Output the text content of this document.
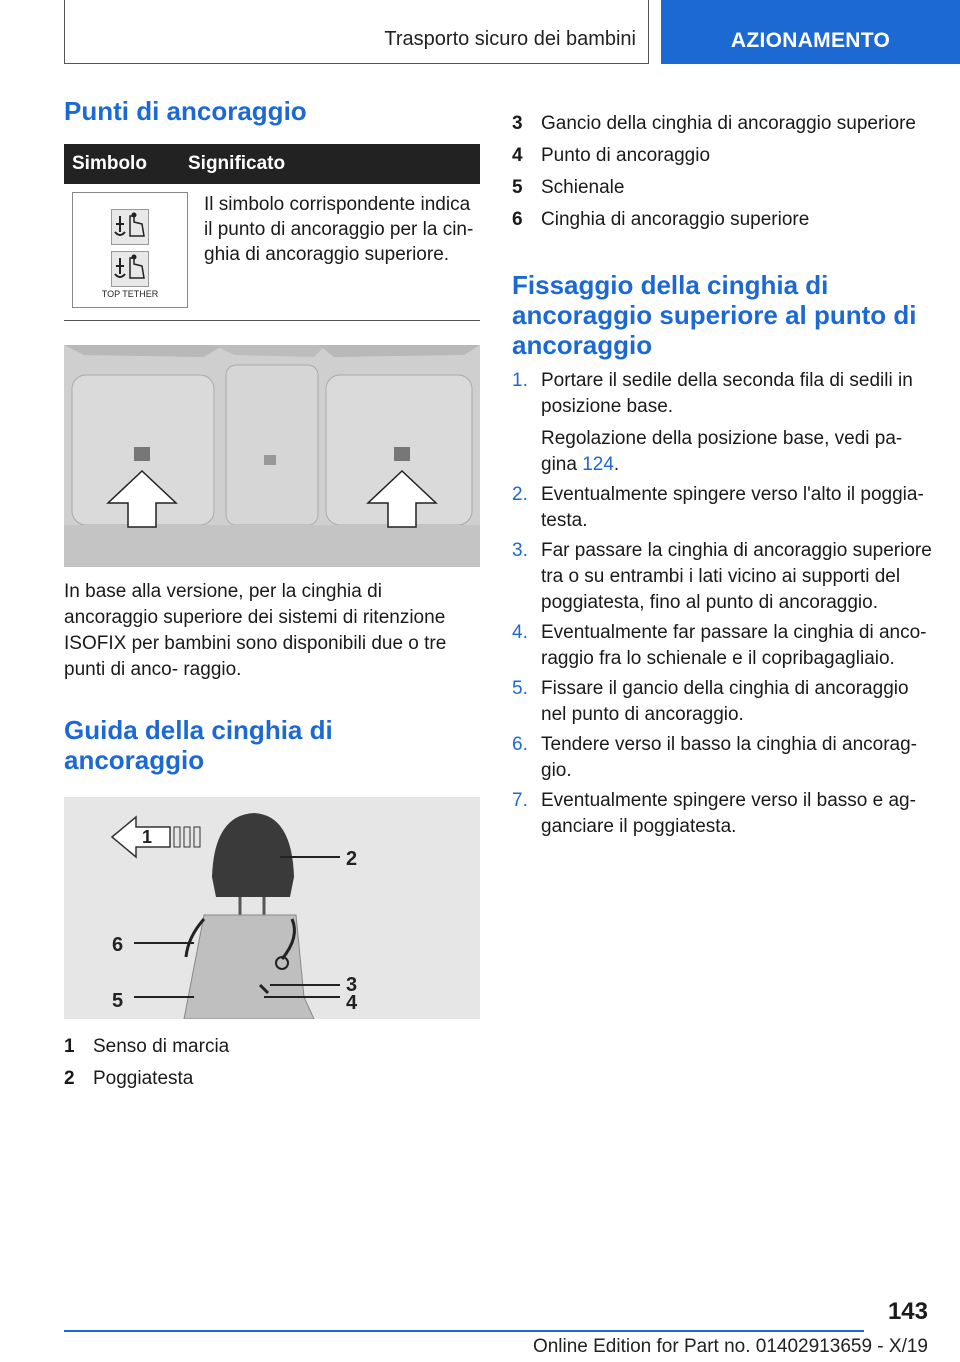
Trasporto sicuro dei bambini	AZIONAMENTO
Punti di ancoraggio
Simbolo	Significato
TOP TETHER
Il simbolo corrispondente indica il punto di ancoraggio per la cin- ghia di ancoraggio superiore.

In base alla versione, per la cinghia di ancoraggio superiore dei sistemi di ritenzione ISOFIX per bambini sono disponibili due o tre punti di anco- raggio.

Guida della cinghia di ancoraggio
1
2
3
4
5
6
1 Senso di marcia
2 Poggiatesta
3 Gancio della cinghia di ancoraggio superiore
4 Punto di ancoraggio
5 Schienale
6 Cinghia di ancoraggio superiore
Fissaggio della cinghia di ancoraggio superiore al punto di ancoraggio
1. Portare il sedile della seconda fila di sedili in posizione base.

Regolazione della posizione base, vedi pa- gina 124.

2. Eventualmente spingere verso l'alto il poggia- testa.

3. Far passare la cinghia di ancoraggio superiore tra o su entrambi i lati vicino ai supporti del poggiatesta, fino al punto di ancoraggio.

4. Eventualmente far passare la cinghia di anco- raggio fra lo schienale e il copribagagliaio.

5. Fissare il gancio della cinghia di ancoraggio nel punto di ancoraggio.

6. Tendere verso il basso la cinghia di ancorag- gio.

7. Eventualmente spingere verso il basso e ag- ganciare il poggiatesta.

143
Online Edition for Part no. 01402913659 - X/19
